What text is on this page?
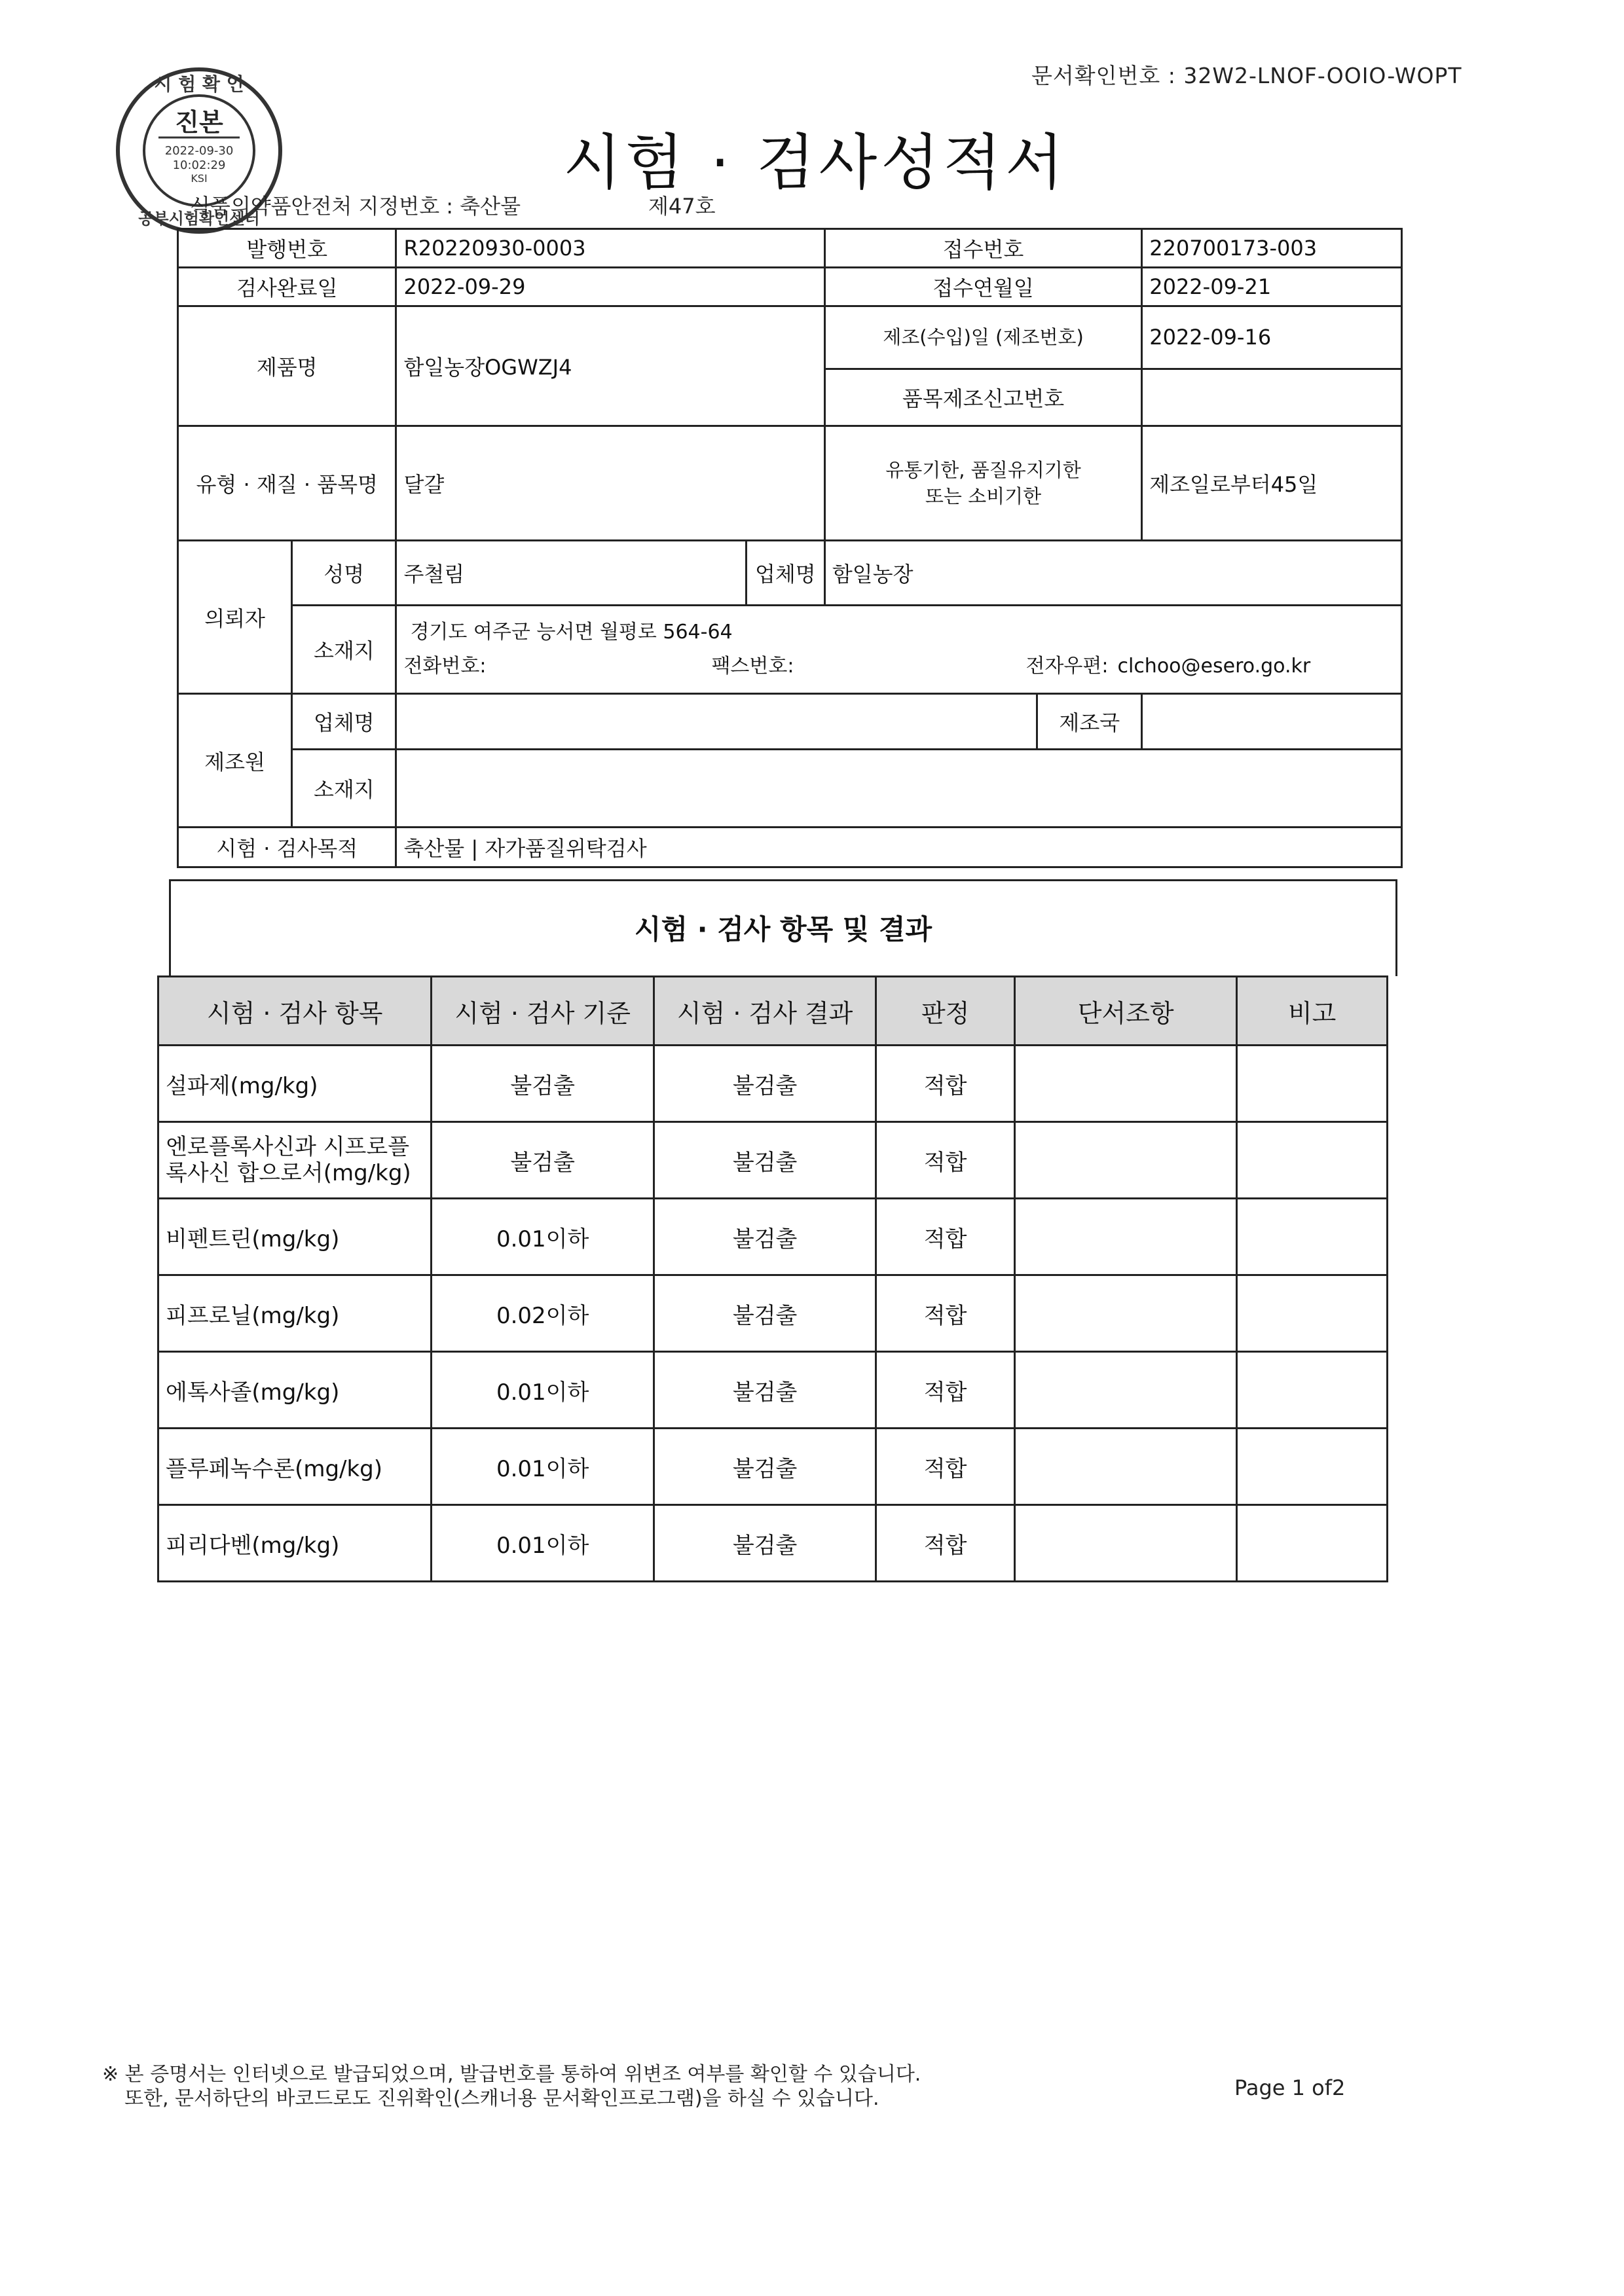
문서확인번호 : 32W2-LNOF-OOIO-WOPT
시 험 확 인
진본
2022-09-30
10:02:29
KSI
공부시험확인센터
시험 · 검사성적서
식품의약품안전처 지정번호 : 축산물	제47호
발행번호		R20220930-0003		접수번호		220700173-003
검사완료일		2022-09-29		접수연월일		2022-09-21
제품명		함일농장OGWZJ4		제조(수입)일 (제조번호)		2022-09-16
				품목제조신고번호		
유형 · 재질 · 품목명		달걀		유통기한, 품질유지기한
또는 소비기한		제조일로부터45일
의뢰자	성명	주철림	업체명	함일농장		
	소재지	경기도 여주군 능서면 월평로 564-64
전화번호: 팩스번호: 전자우편: clchoo@esero.go.kr				

제조원	업체명				제조국	
	소재지					
시험 · 검사목적		축산물 | 자가품질위탁검사				
시험 · 검사 항목 및 결과
시험 · 검사 항목	시험 · 검사 기준	시험 · 검사 결과	판정	단서조항	비고
설파제(mg/kg)	불검출	불검출	적합		
엔로플록사신과 시프로플록사신 합으로서(mg/kg)	불검출	불검출	적합		
비펜트린(mg/kg)	0.01이하	불검출	적합		
피프로닐(mg/kg)	0.02이하	불검출	적합		
에톡사졸(mg/kg)	0.01이하	불검출	적합		
플루페녹수론(mg/kg)	0.01이하	불검출	적합		
피리다벤(mg/kg)	0.01이하	불검출	적합		
※ 본 증명서는 인터넷으로 발급되었으며, 발급번호를 통하여 위변조 여부를 확인할 수 있습니다.
또한, 문서하단의 바코드로도 진위확인(스캐너용 문서확인프로그램)을 하실 수 있습니다.	Page 1 of2
